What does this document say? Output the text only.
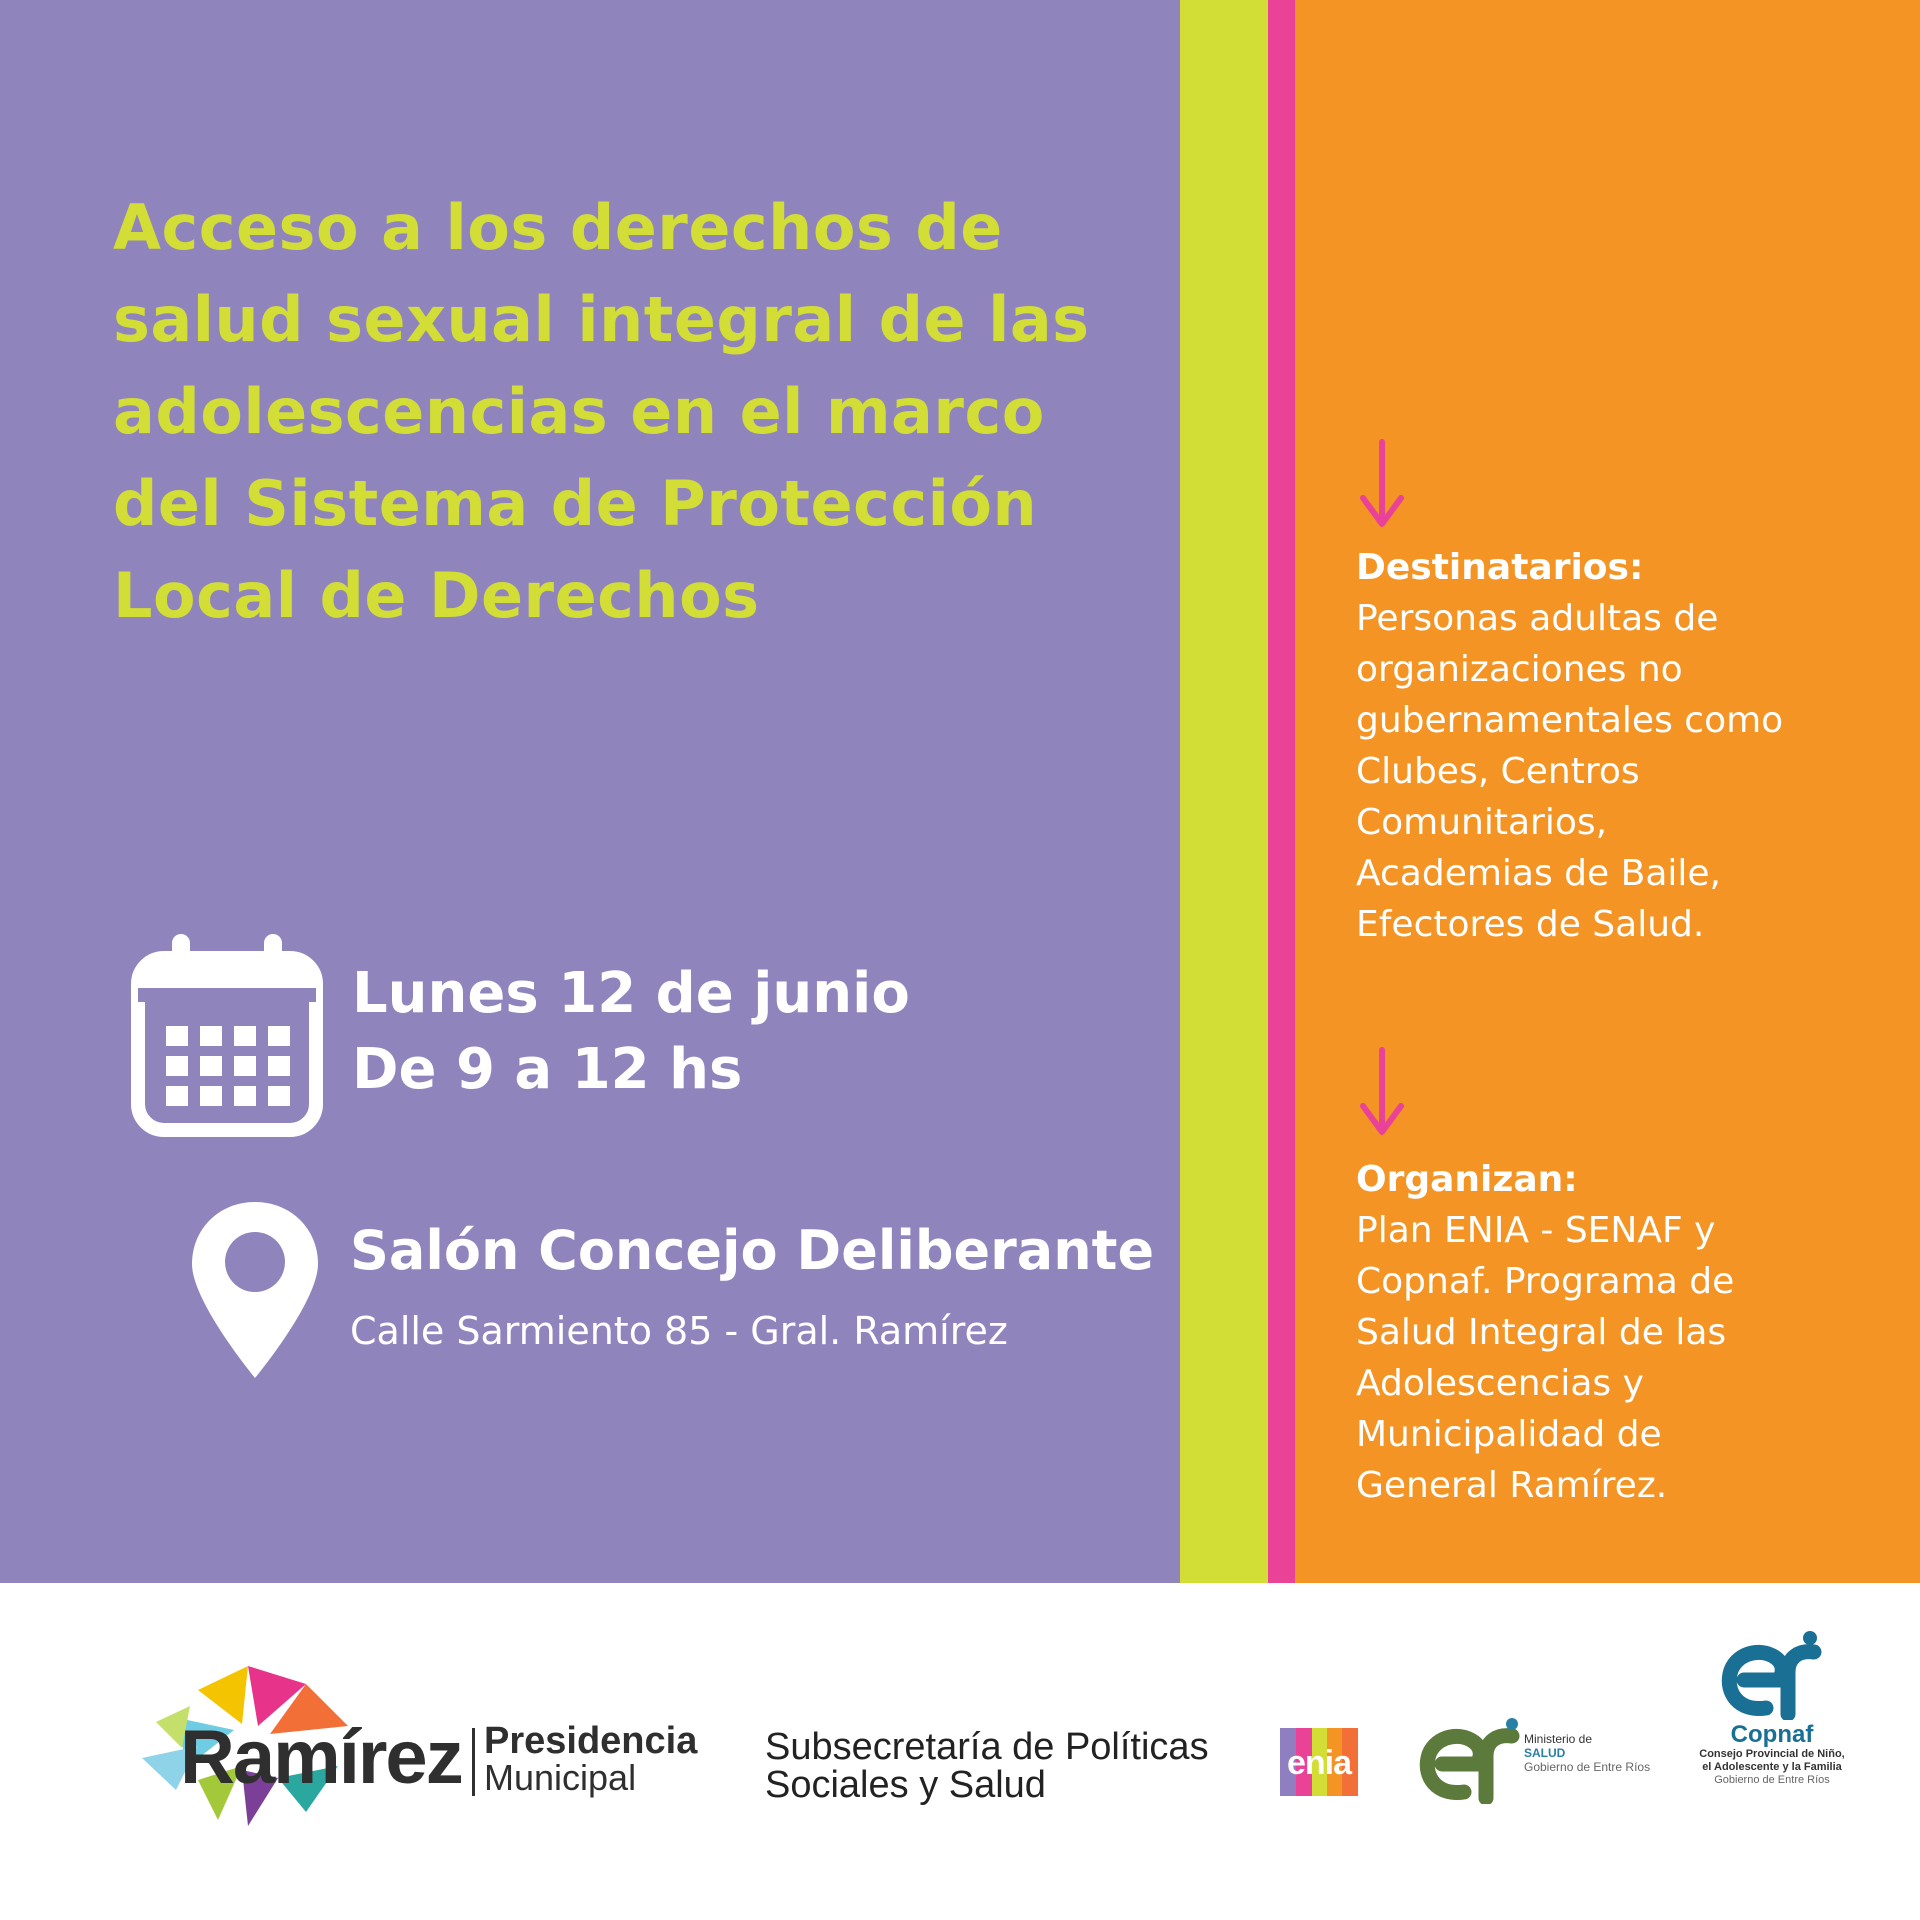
Acceso a los derechos de
salud sexual integral de las
adolescencias en el marco
del Sistema de Protección
Local de Derechos
Lunes 12 de junio
De 9 a 12 hs
Salón Concejo Deliberante
Calle Sarmiento 85 - Gral. Ramírez
Destinatarios:
Personas adultas de
organizaciones no
gubernamentales como
Clubes, Centros
Comunitarios,
Academias de Baile,
Efectores de Salud.
Organizan:
Plan ENIA - SENAF y
Copnaf. Programa de
Salud Integral de las
Adolescencias y
Municipalidad de
General Ramírez.
Ramírez Presidencia
Municipal
Subsecretaría de Políticas
Sociales y Salud
enia
Ministerio de
SALUD
Gobierno de Entre Ríos
Copnaf
Consejo Provincial de Niño,
el Adolescente y la Familia
Gobierno de Entre Ríos
